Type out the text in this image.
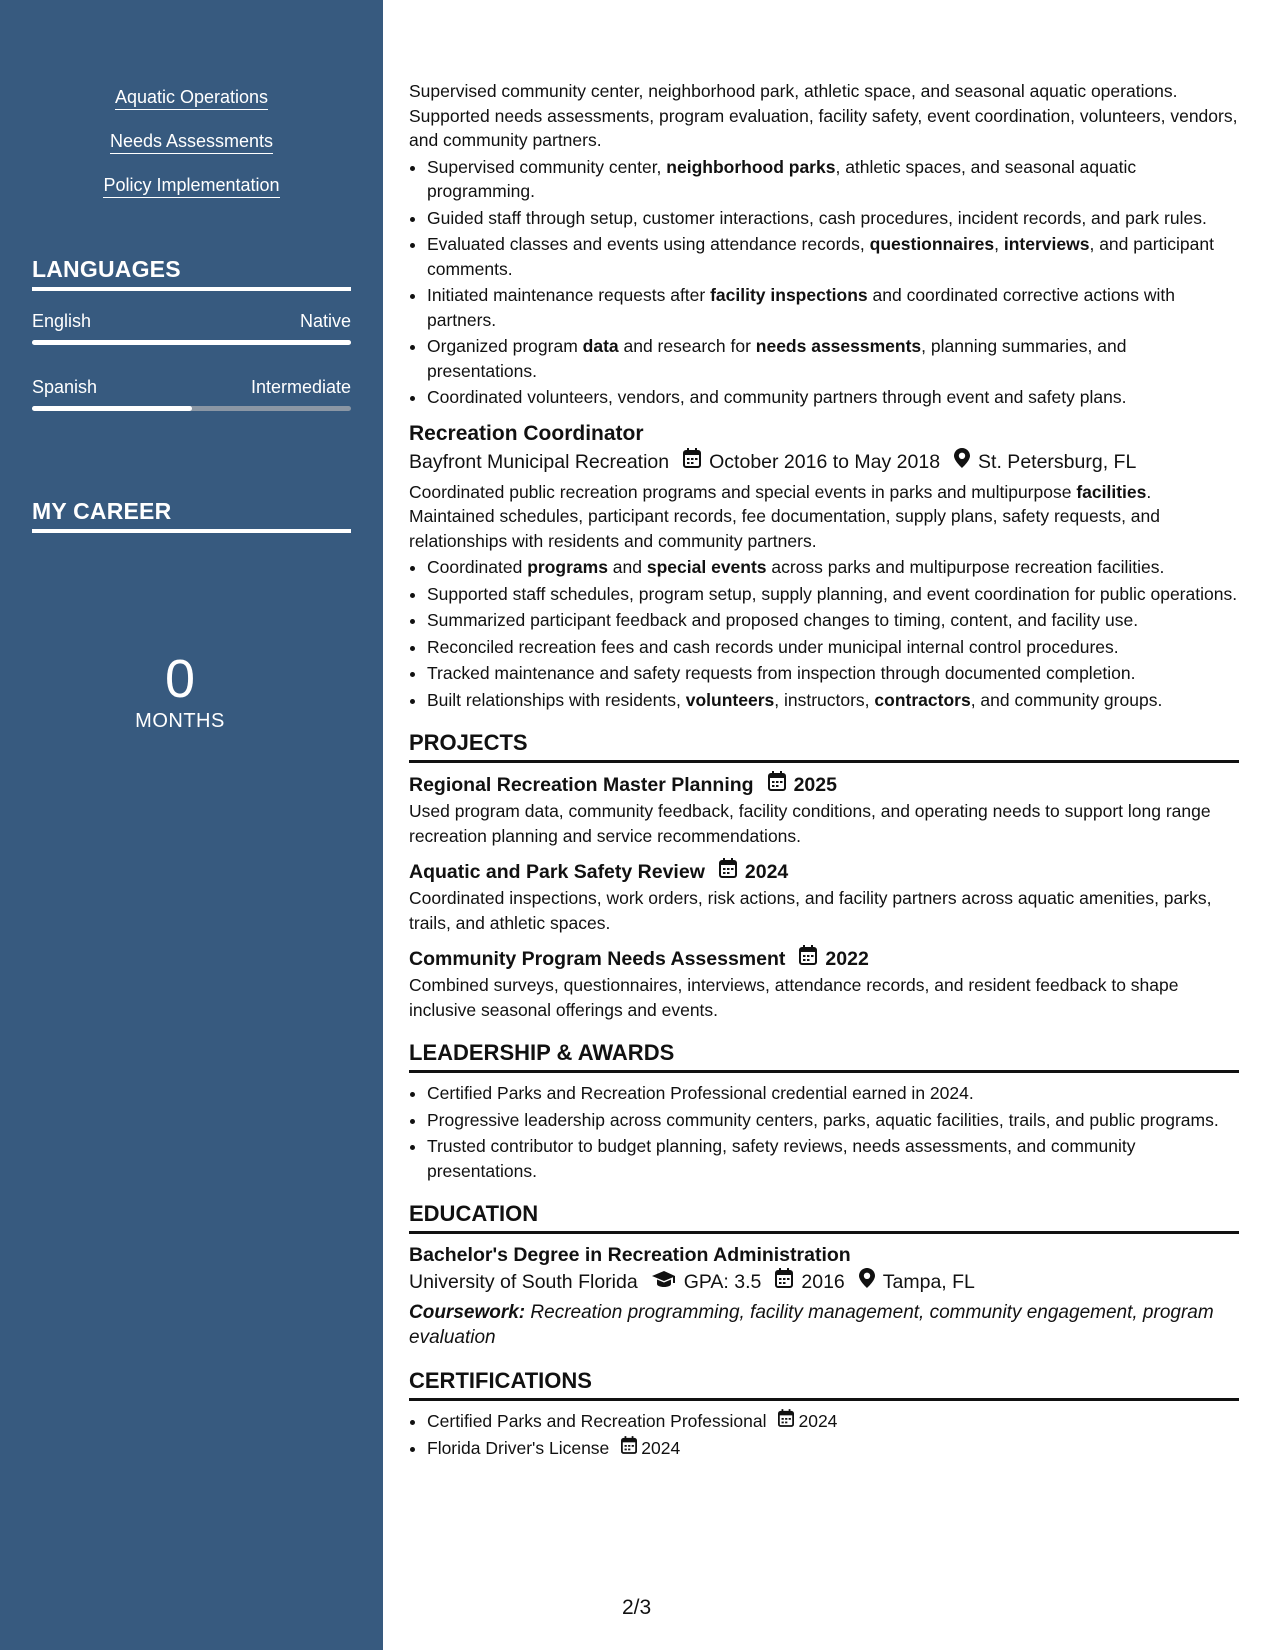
Aquatic Operations
Needs Assessments
Policy Implementation
LANGUAGES
English	Native
Spanish	Intermediate
MY CAREER
0
MONTHS
Supervised community center, neighborhood park, athletic space, and seasonal aquatic operations. Supported needs assessments, program evaluation, facility safety, event coordination, volunteers, vendors, and community partners.
• Supervised community center, neighborhood parks, athletic spaces, and seasonal aquatic programming.
• Guided staff through setup, customer interactions, cash procedures, incident records, and park rules.
• Evaluated classes and events using attendance records, questionnaires, interviews, and participant comments.
• Initiated maintenance requests after facility inspections and coordinated corrective actions with partners.
• Organized program data and research for needs assessments, planning summaries, and presentations.
• Coordinated volunteers, vendors, and community partners through event and safety plans.
Recreation Coordinator
Bayfront Municipal Recreation October 2016 to May 2018 St. Petersburg, FL
Coordinated public recreation programs and special events in parks and multipurpose facilities. Maintained schedules, participant records, fee documentation, supply plans, safety requests, and relationships with residents and community partners.
• Coordinated programs and special events across parks and multipurpose recreation facilities.
• Supported staff schedules, program setup, supply planning, and event coordination for public operations.
• Summarized participant feedback and proposed changes to timing, content, and facility use.
• Reconciled recreation fees and cash records under municipal internal control procedures.
• Tracked maintenance and safety requests from inspection through documented completion.
• Built relationships with residents, volunteers, instructors, contractors, and community groups.
PROJECTS
Regional Recreation Master Planning 2025
Used program data, community feedback, facility conditions, and operating needs to support long range recreation planning and service recommendations.
Aquatic and Park Safety Review 2024
Coordinated inspections, work orders, risk actions, and facility partners across aquatic amenities, parks, trails, and athletic spaces.
Community Program Needs Assessment 2022
Combined surveys, questionnaires, interviews, attendance records, and resident feedback to shape inclusive seasonal offerings and events.
LEADERSHIP & AWARDS
• Certified Parks and Recreation Professional credential earned in 2024.
• Progressive leadership across community centers, parks, aquatic facilities, trails, and public programs.
• Trusted contributor to budget planning, safety reviews, needs assessments, and community presentations.
EDUCATION
Bachelor's Degree in Recreation Administration
University of South Florida GPA: 3.5 2016 Tampa, FL
Coursework: Recreation programming, facility management, community engagement, program evaluation
CERTIFICATIONS
• Certified Parks and Recreation Professional 2024
• Florida Driver's License 2024
2/3
